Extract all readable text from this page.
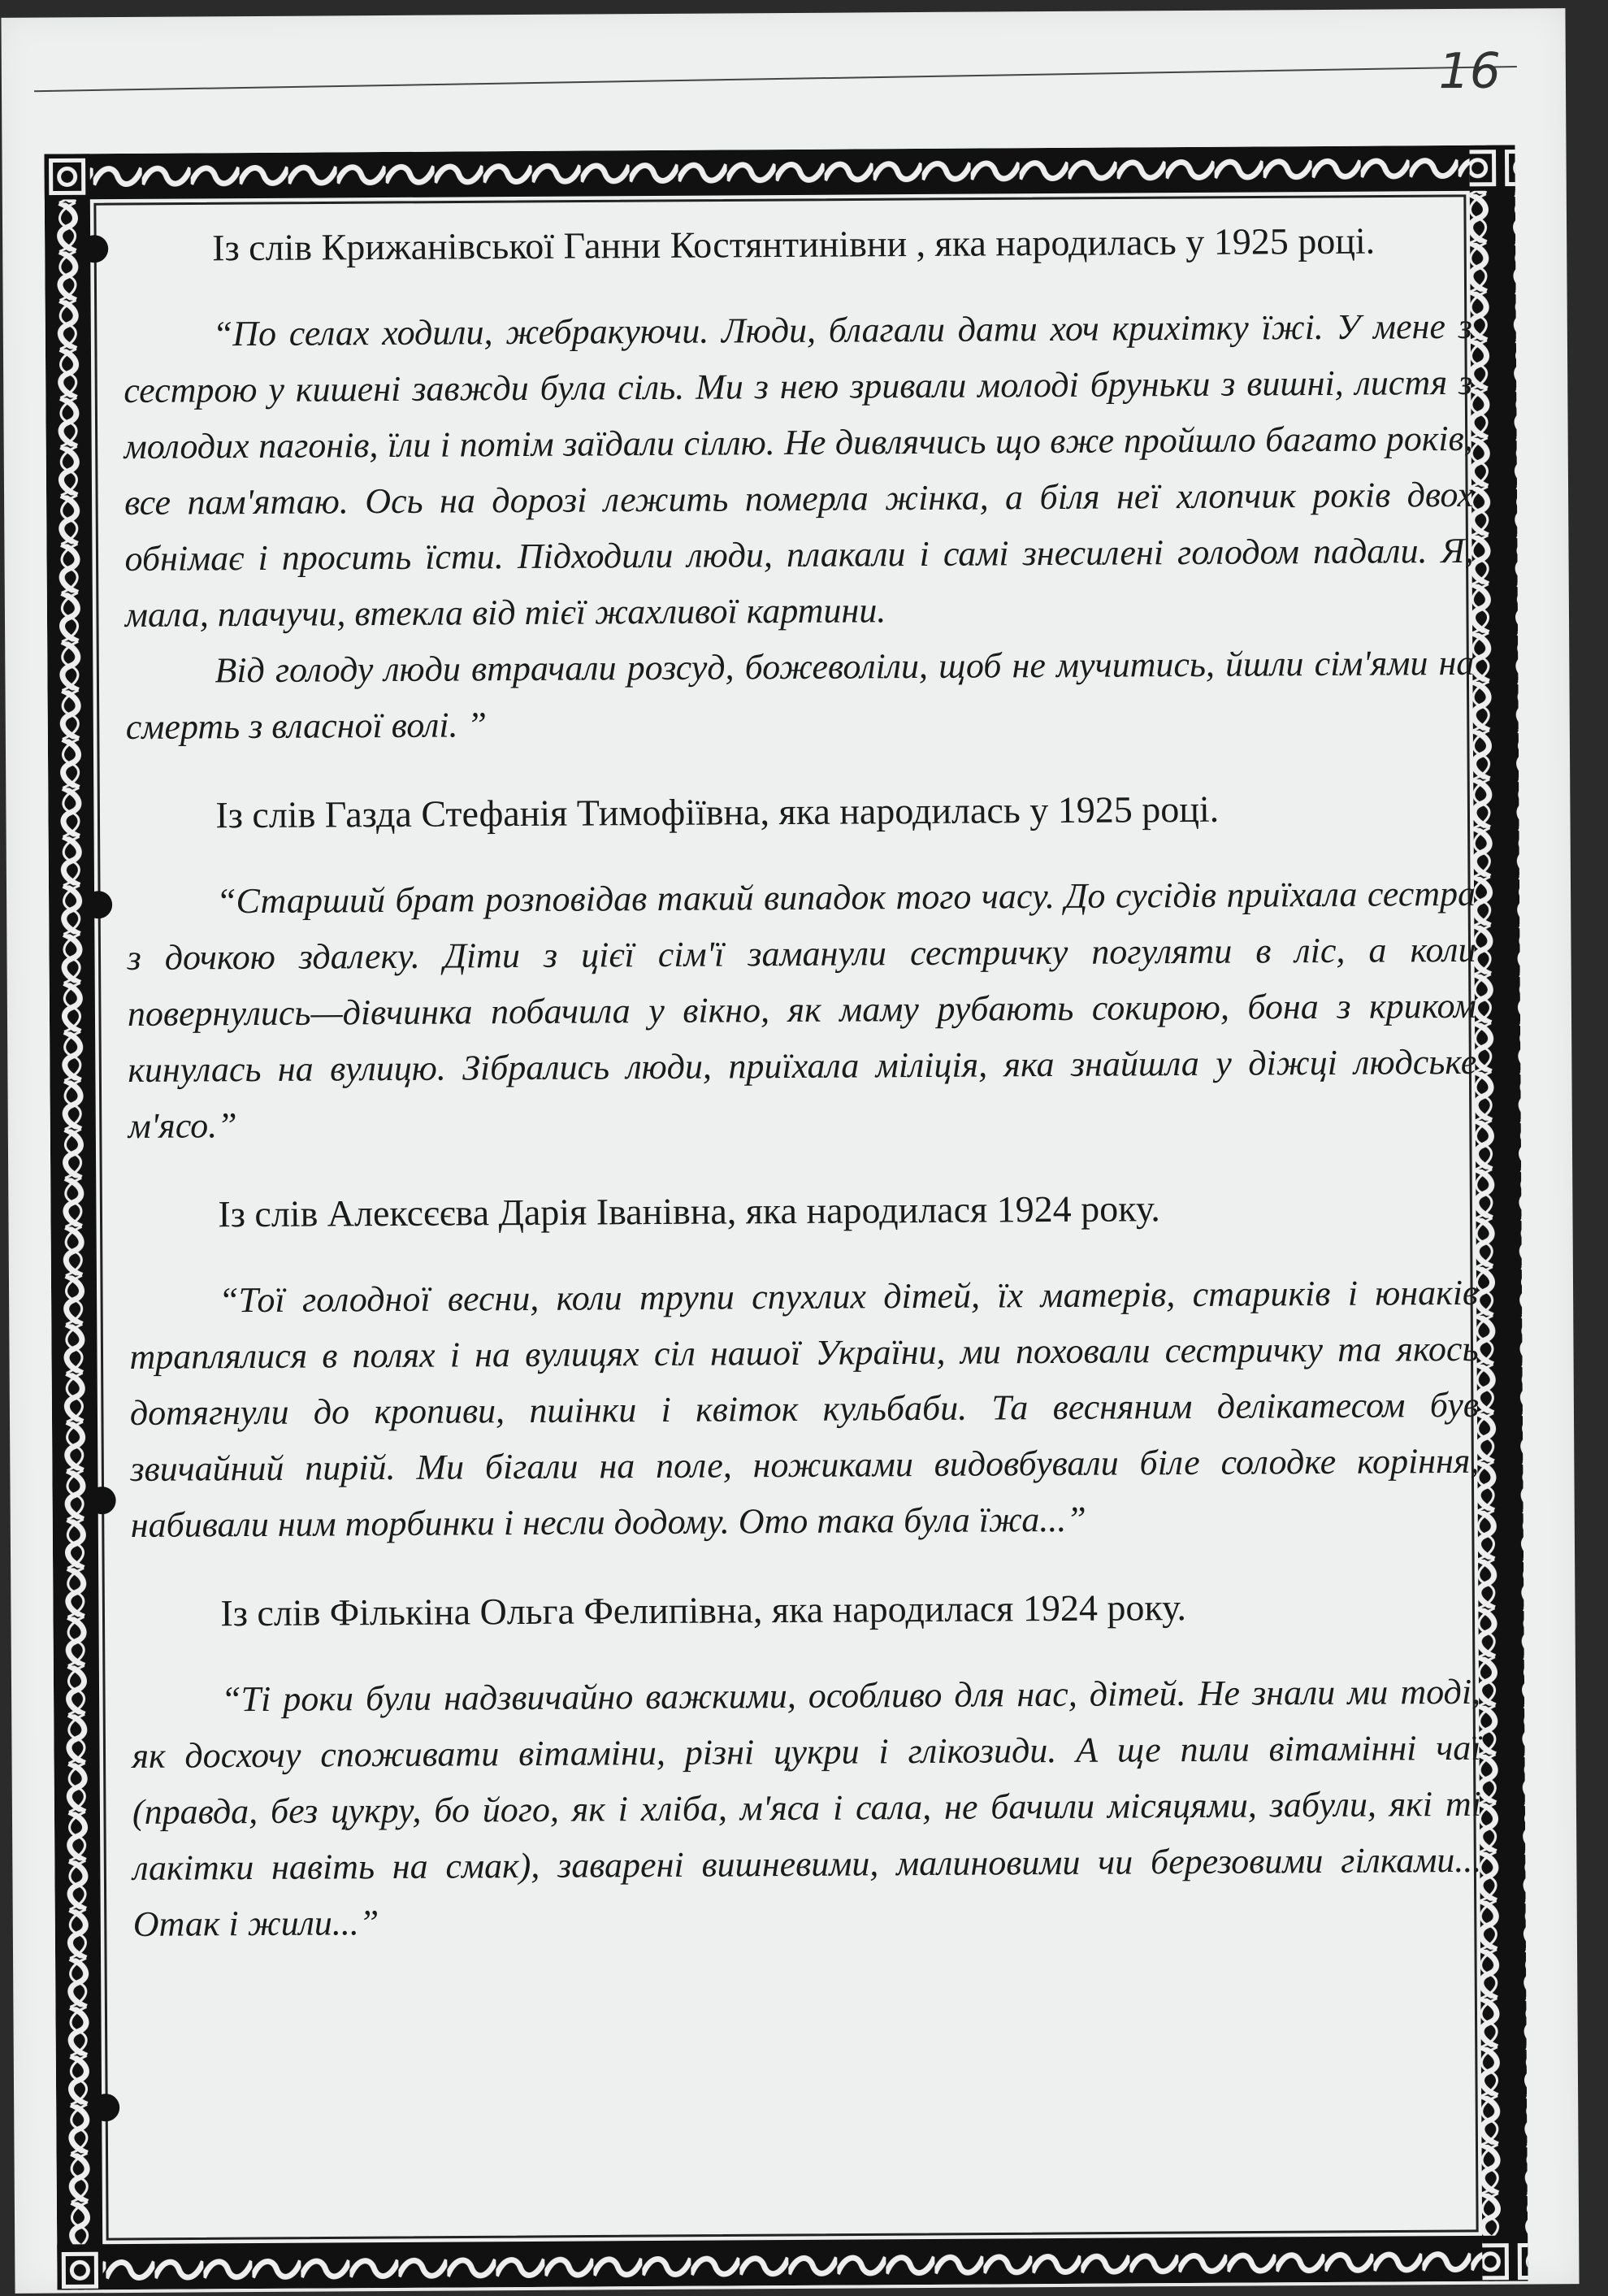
16

Із слів Крижанівської Ганни Костянтинівни , яка народилась у 1925 році.

“По селах ходили, жебракуючи. Люди, благали дати хоч крихітку їжі. У мене з сестрою у кишені завжди була сіль. Ми з нею зривали молоді бруньки з вишні, листя з молодих пагонів, їли і потім заїдали сіллю. Не дивлячись що вже пройшло багато років, все пам'ятаю. Ось на дорозі лежить померла жінка, а біля неї хлопчик років двох обнімає і просить їсти. Підходили люди, плакали і самі знесилені голодом падали. Я, мала, плачучи, втекла від тієї жахливої картини.

Від голоду люди втрачали розсуд, божеволіли, щоб не мучитись, йшли сім'ями на смерть з власної волі. ”

Із слів Газда Стефанія Тимофіївна, яка народилась у 1925 році.

“Старший брат розповідав такий випадок того часу. До сусідів приїхала сестра з дочкою здалеку. Діти з цієї сім'ї заманули сестричку погуляти в ліс, а коли повернулись—дівчинка побачила у вікно, як маму рубають сокирою, бона з криком кинулась на вулицю. Зібрались люди, приїхала міліція, яка знайшла у діжці людське м'ясо.”

Із слів Алексєєва Дарія Іванівна, яка народилася 1924 року.

“Тої голодної весни, коли трупи спухлих дітей, їх матерів, стариків і юнаків траплялися в полях і на вулицях сіл нашої України, ми поховали сестричку та якось дотягнули до кропиви, пшінки і квіток кульбаби. Та весняним делікатесом був звичайний пирій. Ми бігали на поле, ножиками видовбували біле солодке коріння, набивали ним торбинки і несли додому. Ото така була їжа...”

Із слів Фількіна Ольга Фелипівна, яка народилася 1924 року.

“Ті роки були надзвичайно важкими, особливо для нас, дітей. Не знали ми тоді, як досхочу споживати вітаміни, різні цукри і глікозиди. А ще пили вітамінні чаї (правда, без цукру, бо його, як і хліба, м'яса і сала, не бачили місяцями, забули, які ті лакітки навіть на смак), заварені вишневими, малиновими чи березовими гілками... Отак і жили...”
